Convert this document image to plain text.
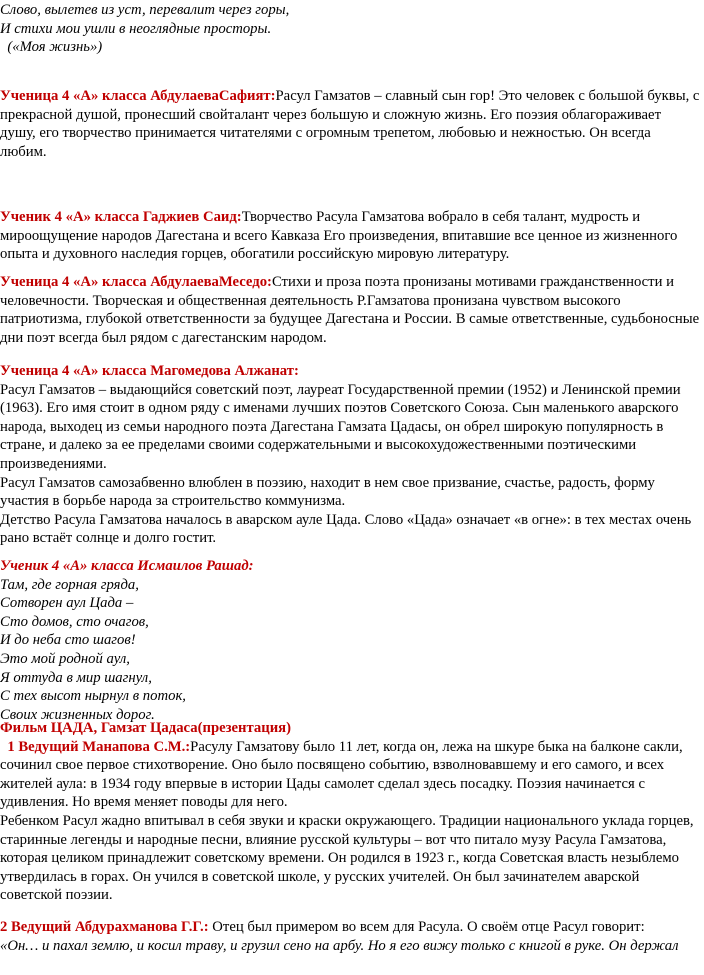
Слово, вылетев из уст, перевалит через горы,
И стихи мои ушли в неоглядные просторы.
(«Моя жизнь»)
Ученица 4 «А» класса АбдулаеваСафият:Расул Гамзатов – славный сын гор! Это человек с большой буквы, с прекрасной душой, пронесший свойталант через большую и сложную жизнь. Его поэзия облагораживает душу, его творчество принимается читателями с огромным трепетом, любовью и нежностью. Он всегда любим.
Ученик 4 «А» класса Гаджиев Саид:Творчество Расула Гамзатова вобрало в себя талант, мудрость и мироощущение народов Дагестана и всего Кавказа Его произведения, впитавшие все ценное из жизненного опыта и духовного наследия горцев, обогатили российскую мировую литературу.
Ученица 4 «А» класса АбдулаеваМеседо:Стихи и проза поэта пронизаны мотивами гражданственности и человечности. Творческая и общественная деятельность Р.Гамзатова пронизана чувством высокого патриотизма, глубокой ответственности за будущее Дагестана и России. В самые ответственные, судьбоносные дни поэт всегда был рядом с дагестанским народом.
Ученица 4 «А» класса Магомедова Алжанат:
Расул Гамзатов – выдающийся советский поэт, лауреат Государственной премии (1952) и Ленинской премии (1963). Его имя стоит в одном ряду с именами лучших поэтов Советского Союза. Сын маленького аварского народа, выходец из семьи народного поэта Дагестана Гамзата Цадасы, он обрел широкую популярность в стране, и далеко за ее пределами своими содержательными и высокохудожественными поэтическими произведениями.
Расул Гамзатов самозабвенно влюблен в поэзию, находит в нем свое призвание, счастье, радость, форму участия в борьбе народа за строительство коммунизма.
Детство Расула Гамзатова началось в аварском ауле Цада. Слово «Цада» означает «в огне»: в тех местах очень рано встаёт солнце и долго гостит.
Ученик 4 «А» класса Исмаилов Рашад:
Там, где горная гряда,
Сотворен аул Цада –
Сто домов, сто очагов,
И до неба сто шагов!
Это мой родной аул,
Я оттуда в мир шагнул,
С тех высот нырнул в поток,
Своих жизненных дорог.
Фильм ЦАДА, Гамзат Цадаса(презентация)
1 Ведущий Манапова С.М.:Расулу Гамзатову было 11 лет, когда он, лежа на шкуре быка на балконе сакли, сочинил свое первое стихотворение. Оно было посвящено событию, взволновавшему и его самого, и всех жителей аула: в 1934 году впервые в истории Цады самолет сделал здесь посадку. Поэзия начинается с удивления. Но время меняет поводы для него.
Ребенком Расул жадно впитывал в себя звуки и краски окружающего. Традиции национального уклада горцев, старинные легенды и народные песни, влияние русской культуры – вот что питало музу Расула Гамзатова, которая целиком принадлежит советскому времени. Он родился в 1923 г., когда Советская власть незыблемо утвердилась в горах. Он учился в советской школе, у русских учителей. Он был зачинателем аварской советской поэзии.
2 Ведущий Абдурахманова Г.Г.: Отец был примером во всем для Расула. О своём отце Расул говорит:
«Он… и пахал землю, и косил траву, и грузил сено на арбу. Но я его вижу только с книгой в руке. Он держал
